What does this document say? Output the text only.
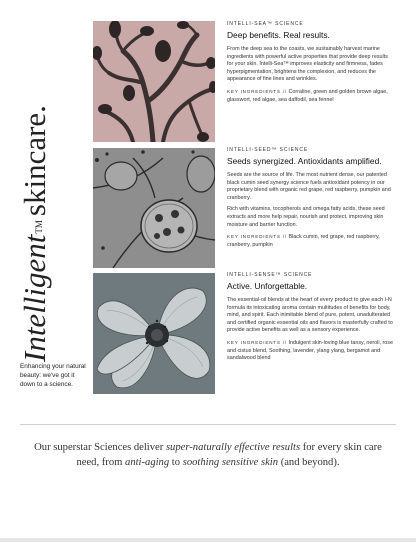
Intelligent™skincare.
Enhancing your natural beauty: we've got it down to a science.
INTELLI-SEA™ SCIENCE
Deep benefits. Real results.

From the deep sea to the coasts, we sustainably harvest marine ingredients with powerful active properties that provide deep results for your skin. Intelli-Sea™ improves elasticity and firmness, fades hyperpigmentation, brightens the complexion, and reduces the appearance of fine lines and wrinkles.

KEY INGREDIENTS // Corraline, green and golden brown algae, glasswort, red algae, sea daffodil, sea fennel

INTELLI-SEED™ SCIENCE
Seeds synergized. Antioxidants amplified.

Seeds are the source of life. The most nutrient dense, our patented black cumin seed synergy science fuels antioxidant potency in our proprietary blend with organic red grape, red raspberry, pumpkin and cranberry.

Rich with vitamins, tocopherols and omega fatty acids, these seed extracts and more help repair, nourish and protect, improving skin moisture and barrier function.

KEY INGREDIENTS // Black cumin, red grape, red raspberry, cranberry, pumpkin

INTELLI-SENSE™ SCIENCE
Active. Unforgettable.

The essential-oil blends at the heart of every product to give each I-N formula its intoxicating aroma contain multitudes of benefits for body, mind, and spirit. Each inimitable blend of pure, potent, unadulterated and certified organic essential oils and flavors is masterfully crafted to provide active benefits as well as a sensory experience.

KEY INGREDIENTS // Indulgent skin-loving blue tansy, neroli, rose and cistus blend, Soothing, lavender, ylang ylang, bergamot and sandalwood blend

Our superstar Sciences deliver super-naturally effective results for every skin care need, from anti-aging to soothing sensitive skin (and beyond).
